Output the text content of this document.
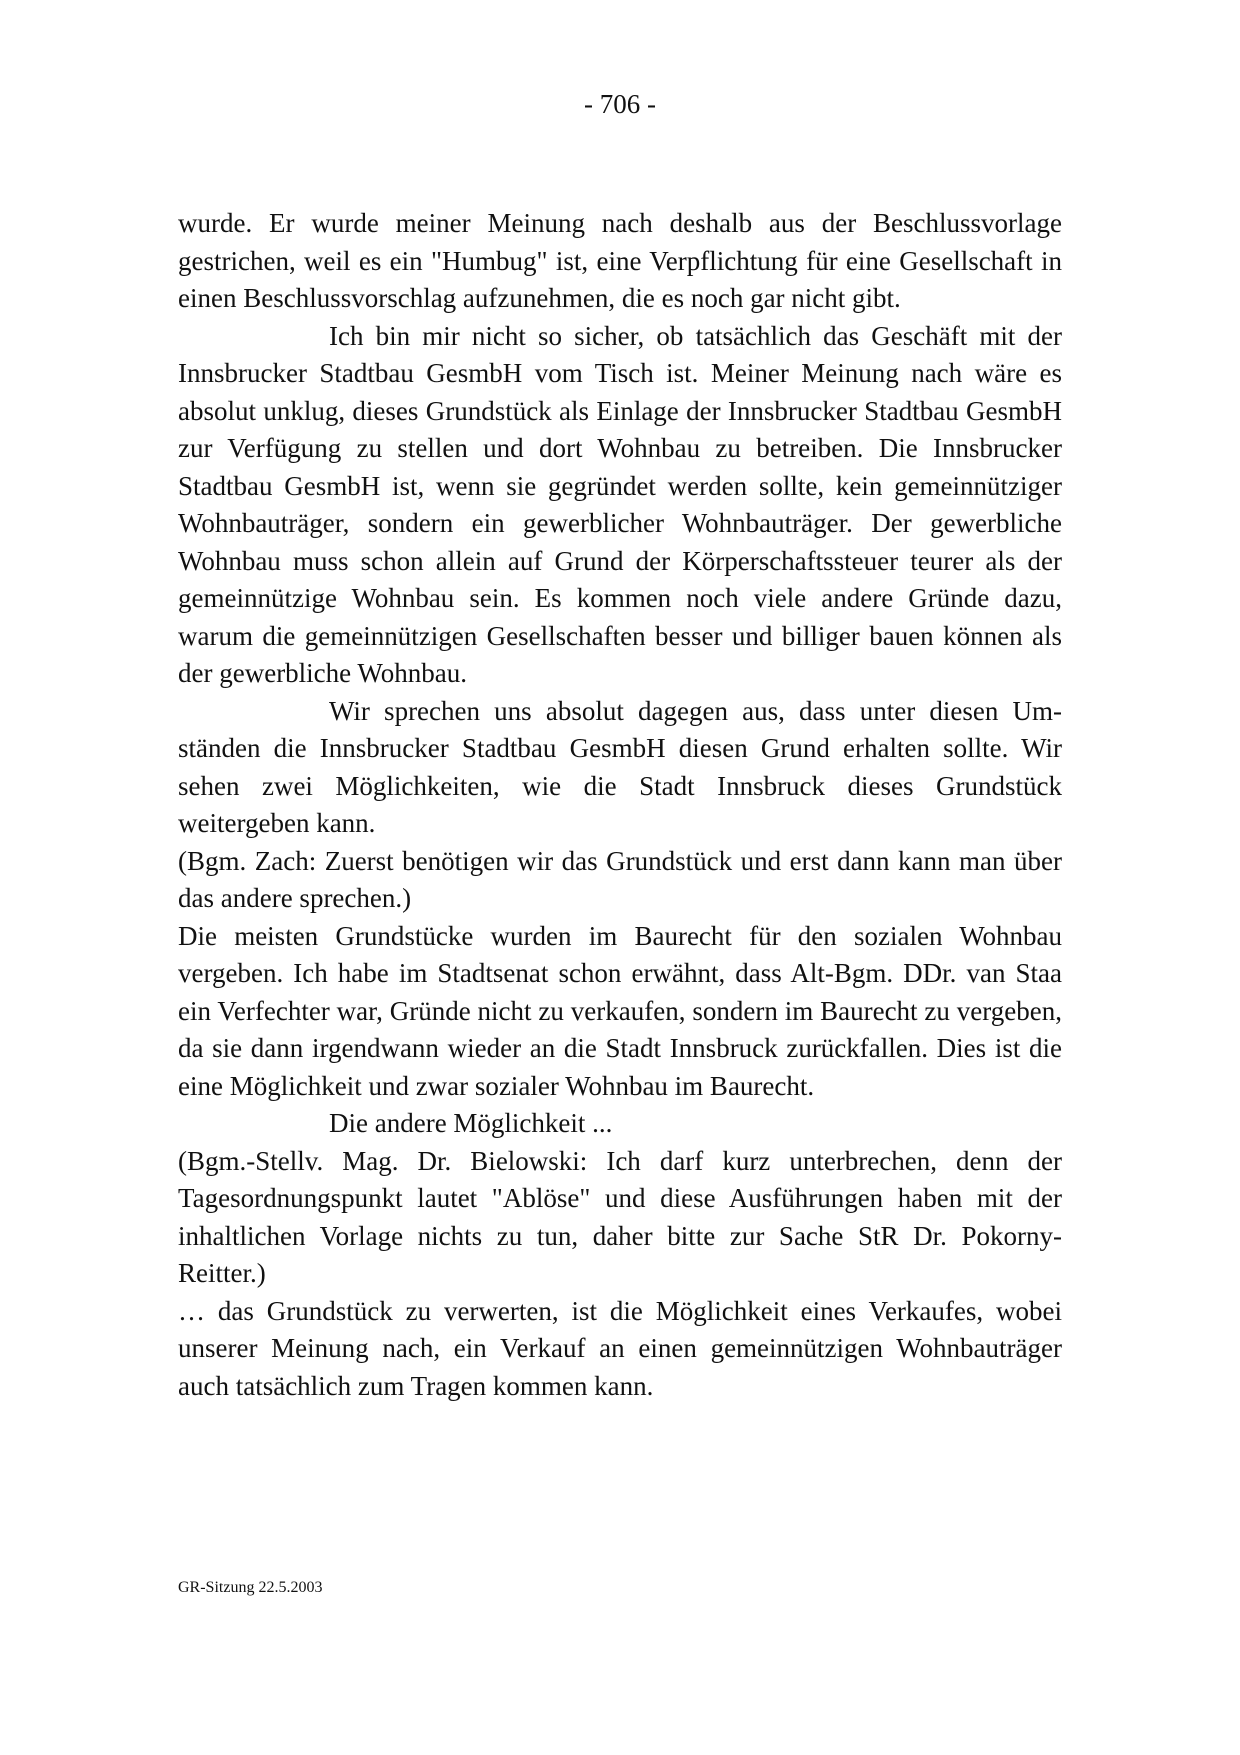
- 706 -

wurde. Er wurde meiner Meinung nach deshalb aus der Beschlussvorlage gestrichen, weil es ein "Humbug" ist, eine Verpflichtung für eine Gesellschaft in einen Beschlussvorschlag aufzunehmen, die es noch gar nicht gibt.

Ich bin mir nicht so sicher, ob tatsächlich das Geschäft mit der Innsbrucker Stadtbau GesmbH vom Tisch ist. Meiner Meinung nach wäre es absolut unklug, dieses Grundstück als Einlage der Innsbrucker Stadtbau GesmbH zur Verfügung zu stellen und dort Wohnbau zu betreiben. Die Innsbrucker Stadtbau GesmbH ist, wenn sie gegründet werden sollte, kein gemeinnütziger Wohnbauträger, sondern ein gewerblicher Wohnbauträger. Der gewerbliche Wohnbau muss schon allein auf Grund der Körperschaftssteuer teurer als der gemeinnützige Wohnbau sein. Es kommen noch viele andere Gründe dazu, warum die gemeinnützigen Gesellschaften besser und billiger bauen können als der gewerbliche Wohnbau.

Wir sprechen uns absolut dagegen aus, dass unter diesen Umständen die Innsbrucker Stadtbau GesmbH diesen Grund erhalten sollte. Wir sehen zwei Möglichkeiten, wie die Stadt Innsbruck dieses Grundstück weitergeben kann.

(Bgm. Zach: Zuerst benötigen wir das Grundstück und erst dann kann man über das andere sprechen.)

Die meisten Grundstücke wurden im Baurecht für den sozialen Wohnbau vergeben. Ich habe im Stadtsenat schon erwähnt, dass Alt-Bgm. DDr. van Staa ein Verfechter war, Gründe nicht zu verkaufen, sondern im Baurecht zu vergeben, da sie dann irgendwann wieder an die Stadt Innsbruck zurückfallen. Dies ist die eine Möglichkeit und zwar sozialer Wohnbau im Baurecht.

Die andere Möglichkeit ...

(Bgm.-Stellv. Mag. Dr. Bielowski: Ich darf kurz unterbrechen, denn der Tagesordnungspunkt lautet "Ablöse" und diese Ausführungen haben mit der inhaltlichen Vorlage nichts zu tun, daher bitte zur Sache StR Dr. Pokorny-Reitter.)

… das Grundstück zu verwerten, ist die Möglichkeit eines Verkaufes, wobei unserer Meinung nach, ein Verkauf an einen gemeinnützigen Wohnbauträger auch tatsächlich zum Tragen kommen kann.

GR-Sitzung 22.5.2003
